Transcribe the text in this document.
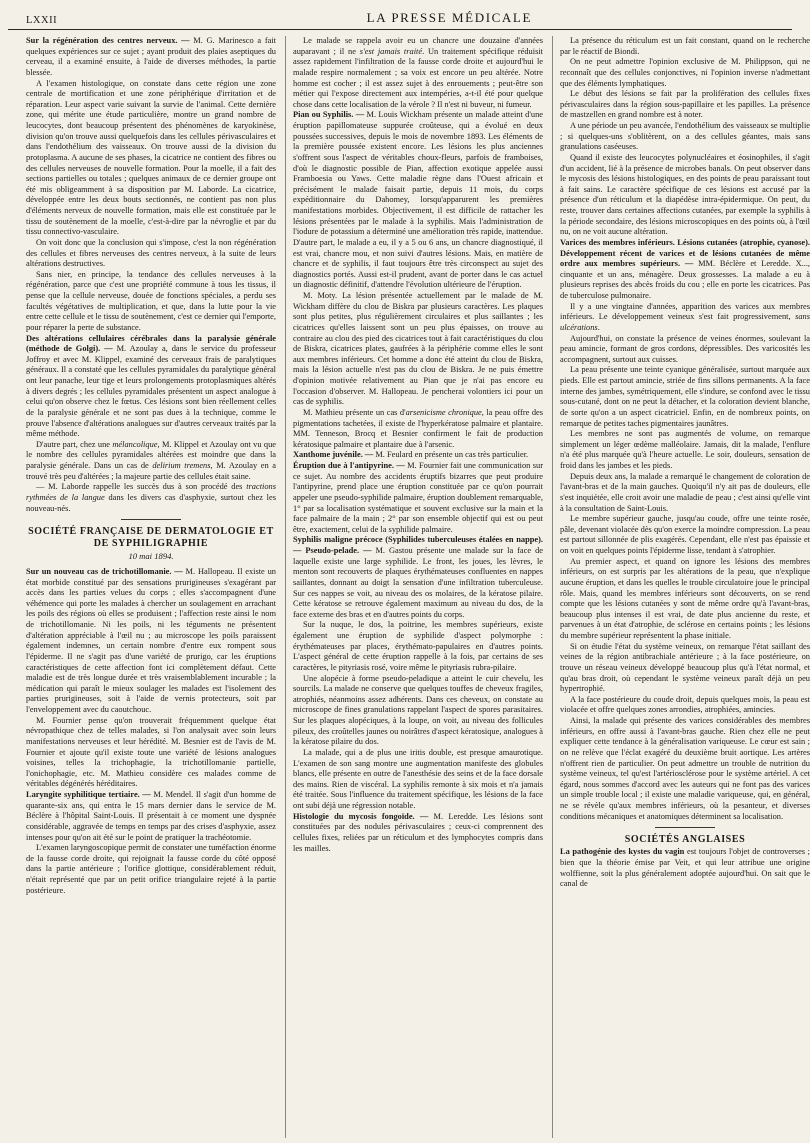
LXXII	LA PRESSE MÉDICALE

Sur la régénération des centres nerveux. — M. G. Marinesco a fait quelques expériences sur ce sujet ; ayant produit des plaies aseptiques du cerveau, il a examiné ensuite, à l'aide de diverses méthodes, la partie blessée.

A l'examen histologique, on constate dans cette région une zone centrale de mortification et une zone périphérique d'irritation et de réparation. Leur aspect varie suivant la survie de l'animal. Cette dernière zone, qui mérite une étude particulière, montre un grand nombre de leucocytes, dont beaucoup présentent des phénomènes de karyokinèse, division qu'on trouve aussi quelquefois dans les cellules périvasculaires et dans l'endothélium des vaisseaux. On trouve aussi de la division du protoplasma. A aucune de ses phases, la cicatrice ne contient des fibres ou des cellules nerveuses de nouvelle formation. Pour la moelle, il a fait des sections partielles ou totales ; quelques animaux de ce dernier groupe ont été mis obligeamment à sa disposition par M. Laborde. La cicatrice, développée entre les deux bouts sectionnés, ne contient pas non plus d'éléments nerveux de nouvelle formation, mais elle est constituée par le tissu de soutènement de la moelle, c'est-à-dire par la névroglie et par du tissu connectivo-vasculaire.

On voit donc que la conclusion qui s'impose, c'est la non régénération des cellules et fibres nerveuses des centres nerveux, à la suite de leurs altérations destructives.

Sans nier, en principe, la tendance des cellules nerveuses à la régénération, parce que c'est une propriété commune à tous les tissus, il pense que la cellule nerveuse, douée de fonctions spéciales, a perdu ses facultés végétatives de multiplication, et que, dans la lutte pour la vie entre cette cellule et le tissu de soutènement, c'est ce dernier qui l'emporte, pour réparer la perte de substance.

Des altérations cellulaires cérébrales dans la paralysie générale (méthode de Golgi). — M. Azoulay a, dans le service du professeur Joffroy et avec M. Klippel, examiné des cerveaux frais de paralytiques généraux. Il a constaté que les cellules pyramidales du paralytique général ont leur panache, leur tige et leurs prolongements protoplasmiques altérés à divers degrés ; les cellules pyramidales présentent un aspect analogue à celui qu'on observe chez le fœtus. Ces lésions sont bien réellement celles de la paralysie générale et ne sont pas dues à la technique, comme le prouve l'absence d'altérations analogues sur d'autres cerveaux traités par la même méthode.

D'autre part, chez une mélancolique, M. Klippel et Azoulay ont vu que le nombre des cellules pyramidales altérées est moindre que dans la paralysie générale. Dans un cas de delirium tremens, M. Azoulay en a trouvé très peu d'altérées ; la majeure partie des cellules était saine.

— M. Laborde rappelle les succès dus à son procédé des tractions rythmées de la langue dans les divers cas d'asphyxie, surtout chez les nouveau-nés.

SOCIÉTÉ FRANÇAISE DE DERMATOLOGIE ET DE SYPHILIGRAPHIE
10 mai 1894.

Sur un nouveau cas de trichotillomanie. — M. Hallopeau. Il existe un état morbide constitué par des sensations prurigineuses s'exagérant par accès dans les parties velues du corps ; elles s'accompagnent d'une véhémence qui porte les malades à chercher un soulagement en arrachant les poils des régions où elles se produisent ; l'affection reste ainsi le nom de trichotillomanie. Ni les poils, ni les téguments ne présentent d'altération appréciable à l'œil nu ; au microscope les poils paraissent également indemnes, un certain nombre d'entre eux rompent sous l'épiderme. Il ne s'agit pas d'une variété de prurigo, car les éruptions caractéristiques de cette affection font ici complètement défaut. Cette maladie est de très longue durée et très vraisemblablement incurable ; la médication qui paraît le mieux soulager les malades est l'isolement des parties prurigineuses, soit à l'aide de vernis protecteurs, soit par l'enveloppement avec du caoutchouc.

M. Fournier pense qu'on trouverait fréquemment quelque état névropathique chez de telles malades, si l'on analysait avec soin leurs manifestations nerveuses et leur hérédité. M. Besnier est de l'avis de M. Fournier et ajoute qu'il existe toute une variété de lésions analogues voisines, telles la trichophagie, la trichotillomanie partielle, l'onichophagie, etc. M. Mathieu considère ces malades comme de véritables dégénérés héréditaires.

Laryngite syphilitique tertiaire. — M. Mendel. Il s'agit d'un homme de quarante-six ans, qui entra le 15 mars dernier dans le service de M. Béclère à l'hôpital Saint-Louis. Il présentait à ce moment une dyspnée considérable, aggravée de temps en temps par des crises d'asphyxie, assez intenses pour qu'on ait été sur le point de pratiquer la trachéotomie.

L'examen laryngoscopique permit de constater une tuméfaction énorme de la fausse corde droite, qui rejoignait la fausse corde du côté opposé dans la partie antérieure ; l'orifice glottique, considérablement réduit, n'était représenté que par un petit orifice triangulaire rejeté à la partie postérieure.

Le malade se rappela avoir eu un chancre une douzaine d'années auparavant ; il ne s'est jamais traité. Un traitement spécifique réduisit assez rapidement l'infiltration de la fausse corde droite et aujourd'hui le malade respire normalement ; sa voix est encore un peu altérée. Notre homme est cocher ; il est assez sujet à des enrouements ; peut-être son métier qui l'expose directement aux intempéries, a-t-il été pour quelque chose dans cette localisation de la vérole ? Il n'est ni buveur, ni fumeur.

Pian ou Syphilis. — M. Louis Wickham présente un malade atteint d'une éruption papillomateuse suppurée croûteuse, qui a évolué en deux poussées successives, depuis le mois de novembre 1893. Les éléments de la première poussée existent encore. Les lésions les plus anciennes s'offrent sous l'aspect de véritables choux-fleurs, parfois de framboises, d'où le diagnostic possible de Pian, affection exotique appelée aussi Framboesia ou Yaws. Cette maladie règne dans l'Ouest africain et précisément le malade faisait partie, depuis 11 mois, du corps expéditionnaire du Dahomey, lorsqu'apparurent les premières manifestations morbides. Objectivement, il est difficile de rattacher les lésions présentées par le malade à la syphilis. Mais l'administration de l'iodure de potassium a déterminé une amélioration très rapide, inattendue. D'autre part, le malade a eu, il y a 5 ou 6 ans, un chancre diagnostiqué, il est vrai, chancre mou, et non suivi d'autres lésions. Mais, en matière de chancre et de syphilis, il faut toujours être très circonspect au sujet des diagnostics portés. Aussi est-il prudent, avant de porter dans le cas actuel un diagnostic définitif, d'attendre l'évolution ultérieure de l'éruption.

M. Moty. La lésion présentée actuellement par le malade de M. Wickham diffère du clou de Biskra par plusieurs caractères. Les plaques sont plus petites, plus régulièrement circulaires et plus saillantes ; les cicatrices qu'elles laissent sont un peu plus épaisses, on trouve au contraire au clou des pied des cicatrices tout à fait caractéristiques du clou de Biskra, cicatrices plates, gaufrées à la périphérie comme elles le sont aux membres inférieurs. Cet homme a donc été atteint du clou de Biskra, mais la lésion actuelle n'est pas du clou de Biskra. Je ne puis émettre d'opinion motivée relativement au Pian que je n'ai pas encore eu l'occasion d'observer. M. Hallopeau. Je pencherai volontiers ici pour un cas de syphilis.

M. Mathieu présente un cas d'arsenicisme chronique, la peau offre des pigmentations tachetées, il existe de l'hyperkératose palmaire et plantaire. MM. Tenneson, Brocq et Besnier confirment le fait de production kératosique palmaire et plantaire due à l'arsenic.

Xanthome juvénile. — M. Feulard en présente un cas très particulier.

Éruption due à l'antipyrine. — M. Fournier fait une communication sur ce sujet. Au nombre des accidents éruptifs bizarres que peut produire l'antipyrine, prend place une éruption constituée par ce qu'on pourrait appeler une pseudo-syphilide palmaire, éruption doublement remarquable, 1° par sa localisation systématique et souvent exclusive sur la main et la face palmaire de la main ; 2° par son ensemble objectif qui est ou peut être, exactement, celui de la syphilide palmaire.

Syphilis maligne précoce (Syphilides tuberculeuses étalées en nappe). — Pseudo-pelade. — M. Gastou présente une malade sur la face de laquelle existe une large syphilide. Le front, les joues, les lèvres, le menton sont recouverts de plaques érythémateuses confluentes en nappes saillantes, donnant au doigt la sensation d'une infiltration tuberculeuse. Sur ces nappes se voit, au niveau des os molaires, de la kératose pilaire. Cette kératose se retrouve également maximum au niveau du dos, de la face externe des bras et en d'autres points du corps.

Sur la nuque, le dos, la poitrine, les membres supérieurs, existe également une éruption de syphilide d'aspect polymorphe : érythémateuses par places, érythémato-papulaires en d'autres points. L'aspect général de cette éruption rappelle à la fois, par certains de ses caractères, le pityriasis rosé, voire même le pityriasis rubra-pilaire.

Une alopécie à forme pseudo-peladique a atteint le cuir chevelu, les sourcils. La malade ne conserve que quelques touffes de cheveux fragiles, atrophiés, néanmoins assez adhérents. Dans ces cheveux, on constate au microscope de fines granulations rappelant l'aspect de spores parasitaires. Sur les plaques alopéciques, à la loupe, on voit, au niveau des follicules pileux, des croûtelles jaunes ou noirâtres d'aspect kératosique, analogues à la kératose pilaire du dos.

La malade, qui a de plus une iritis double, est presque amaurotique. L'examen de son sang montre une augmentation manifeste des globules blancs, elle présente en outre de l'anesthésie des seins et de la face dorsale des mains. Rien de viscéral. La syphilis remonte à six mois et n'a jamais été traitée. Sous l'influence du traitement spécifique, les lésions de la face ont subi déjà une régression notable.

Histologie du mycosis fongoïde. — M. Leredde. Les lésions sont constituées par des nodules périvasculaires ; ceux-ci comprennent des cellules fixes, reliées par un réticulum et des lymphocytes compris dans les mailles.

La présence du réticulum est un fait constant, quand on le recherche par le réactif de Biondi.

On ne peut admettre l'opinion exclusive de M. Philippson, qui ne reconnaît que des cellules conjonctives, ni l'opinion inverse n'admettant que des éléments lymphatiques.

Le début des lésions se fait par la prolifération des cellules fixes périvasculaires dans la région sous-papillaire et les papilles. La présence de mastzellen en grand nombre est à noter.

A une période un peu avancée, l'endothélium des vaisseaux se multiplie ; si quelques-uns s'oblitèrent, on a des cellules géantes, mais sans granulations caséeuses.

Quand il existe des leucocytes polynucléaires et éosinophiles, il s'agit d'un accident, lié à la présence de microbes banals. On peut observer dans le mycosis des lésions histologiques, en des points de peau paraissant tout à fait sains. Le caractère spécifique de ces lésions est accusé par la présence d'un réticulum et la diapédèse intra-épidermique. On peut, du reste, trouver dans certaines affections cutanées, par exemple la syphilis à la période secondaire, des lésions microscopiques en des points où, à l'œil nu, on ne voit aucune altération.

Varices des membres inférieurs. Lésions cutanées (atrophie, cyanose). Développement récent de varices et de lésions cutanées de même ordre aux membres supérieurs. — MM. Béclère et Leredde. X..., cinquante et un ans, ménagère. Deux grossesses. La malade a eu à plusieurs reprises des abcès froids du cou ; elle en porte les cicatrices. Pas de tuberculose pulmonaire.

Il y a une vingtaine d'années, apparition des varices aux membres inférieurs. Le développement veineux s'est fait progressivement, sans ulcérations.

Aujourd'hui, on constate la présence de veines énormes, soulevant la peau amincie, formant de gros cordons, dépressibles. Des varicosités les accompagnent, surtout aux cuisses.

La peau présente une teinte cyanique généralisée, surtout marquée aux pieds. Elle est partout amincie, striée de fins sillons permanents. A la face interne des jambes, symétriquement, elle s'indure, se confond avec le tissu sous-cutané, dont on ne peut la détacher, et la coloration devient blanche, de sorte qu'on a un aspect cicatriciel. Enfin, en de nombreux points, on remarque de petites taches pigmentaires jaunâtres.

Les membres ne sont pas augmentés de volume, on remarque simplement un léger œdème malléolaire. Jamais, dit la malade, l'enflure n'a été plus marquée qu'à l'heure actuelle. Le soir, douleurs, sensation de froid dans les jambes et les pieds.

Depuis deux ans, la malade a remarqué le changement de coloration de l'avant-bras et de la main gauches. Quoiqu'il n'y ait pas de douleurs, elle s'est inquiétée, elle croit avoir une maladie de peau ; c'est ainsi qu'elle vint à la consultation de Saint-Louis.

Le membre supérieur gauche, jusqu'au coude, offre une teinte rosée, pâle, devenant violacée dès qu'on exerce la moindre compression. La peau est partout sillonnée de plis exagérés. Cependant, elle n'est pas épaissie et on voit en quelques points l'épiderme lisse, tendant à s'atrophier.

Au premier aspect, et quand on ignore les lésions des membres inférieurs, on est surpris par les altérations de la peau, que n'explique aucune éruption, et dans les quelles le trouble circulatoire joue le principal rôle. Mais, quand les membres inférieurs sont découverts, on se rend compte que les lésions cutanées y sont de même ordre qu'à l'avant-bras, beaucoup plus intenses il est vrai, de date plus ancienne du reste, et parvenues à un état d'atrophie, de sclérose en certains points ; les lésions du membre supérieur représentent la phase initiale.

Si on étudie l'état du système veineux, on remarque l'état saillant des veines de la région antibrachiale antérieure ; à la face postérieure, on trouve un réseau veineux développé beaucoup plus qu'à l'état normal, et qu'au bras droit, où cependant le système veineux paraît déjà un peu hypertrophié.

A la face postérieure du coude droit, depuis quelques mois, la peau est violacée et offre quelques zones arrondies, atrophiées, amincies.

Ainsi, la malade qui présente des varices considérables des membres inférieurs, en offre aussi à l'avant-bras gauche. Rien chez elle ne peut expliquer cette tendance à la généralisation variqueuse. Le cœur est sain ; on ne relève que l'éclat exagéré du deuxième bruit aortique. Les artères n'offrent rien de particulier. On peut admettre un trouble de nutrition du système veineux, tel qu'est l'artériosclérose pour le système artériel. A cet égard, nous sommes d'accord avec les auteurs qui ne font pas des varices un simple trouble local ; il existe une maladie variqueuse, qui, en général, ne se révèle qu'aux membres inférieurs, où la pesanteur, et diverses conditions mécaniques et anatomiques déterminent sa localisation.

SOCIÉTÉS ANGLAISES

La pathogénie des kystes du vagin est toujours l'objet de controverses ; bien que la théorie émise par Veit, et qui leur attribue une origine wolffienne, soit la plus généralement adoptée aujourd'hui. On sait que le canal de
